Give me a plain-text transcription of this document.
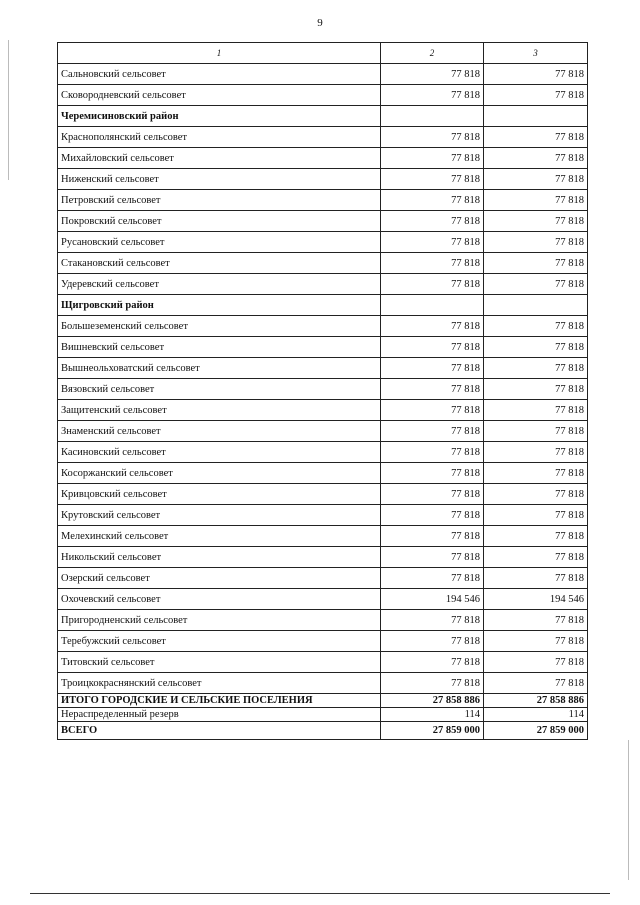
9
1	2	3
Сальновский сельсовет	77 818	77 818
Сковородневский сельсовет	77 818	77 818
Черемисиновский район		
Краснополянский сельсовет	77 818	77 818
Михайловский сельсовет	77 818	77 818
Ниженский сельсовет	77 818	77 818
Петровский сельсовет	77 818	77 818
Покровский сельсовет	77 818	77 818
Русановский сельсовет	77 818	77 818
Стакановский сельсовет	77 818	77 818
Удеревский сельсовет	77 818	77 818
Щигровский район		
Большеземенский сельсовет	77 818	77 818
Вишневский сельсовет	77 818	77 818
Вышнеольховатский сельсовет	77 818	77 818
Вязовский сельсовет	77 818	77 818
Защитенский сельсовет	77 818	77 818
Знаменский сельсовет	77 818	77 818
Касиновский сельсовет	77 818	77 818
Косоржанский сельсовет	77 818	77 818
Кривцовский сельсовет	77 818	77 818
Крутовский сельсовет	77 818	77 818
Мелехинский сельсовет	77 818	77 818
Никольский сельсовет	77 818	77 818
Озерский сельсовет	77 818	77 818
Охочевский сельсовет	194 546	194 546
Пригородненский сельсовет	77 818	77 818
Теребужский сельсовет	77 818	77 818
Титовский сельсовет	77 818	77 818
Троицкокраснянский сельсовет	77 818	77 818
ИТОГО ГОРОДСКИЕ И СЕЛЬСКИЕ ПОСЕЛЕНИЯ	27 858 886	27 858 886
Нераспределенный резерв	114	114
ВСЕГО	27 859 000	27 859 000
